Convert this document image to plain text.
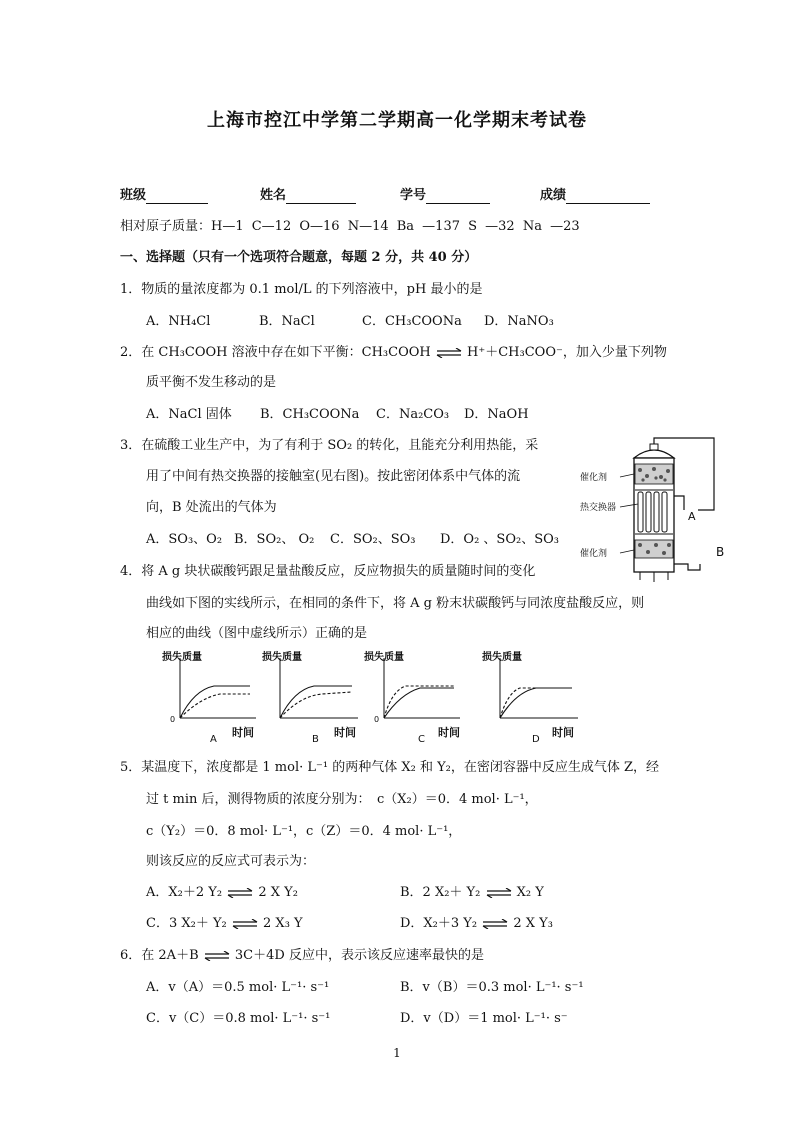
上海市控江中学第二学期高一化学期末考试卷
班级	姓名	学号	成绩
相对原子质量：H—1 C—12 O—16 N—14 Ba —137 S —32 Na —23
一、选择题（只有一个选项符合题意，每题 2 分，共 40 分）
1．物质的量浓度都为 0.1 mol/L 的下列溶液中，pH 最小的是
A．NH₄Cl	B．NaCl	C．CH₃COONa D．NaNO₃
2．在 CH₃COOH 溶液中存在如下平衡：CH₃COOH ⇌ H⁺＋CH₃COO⁻，加入少量下列物
质平衡不发生移动的是
A．NaCl 固体 B．CH₃COONa C．Na₂CO₃ D．NaOH
3．在硫酸工业生产中，为了有利于 SO₂ 的转化，且能充分利用热能，采
用了中间有热交换器的接触室(见右图)。按此密闭体系中气体的流
向，B 处流出的气体为
A．SO₃、O₂ B．SO₂、 O₂ C．SO₂、SO₃ D．O₂ 、SO₂、SO₃
催化剂
热交换器
催化剂
A
B
4．将 A g 块状碳酸钙跟足量盐酸反应，反应物损失的质量随时间的变化
曲线如下图的实线所示，在相同的条件下，将 A g 粉末状碳酸钙与同浓度盐酸反应，则
相应的曲线（图中虚线所示）正确的是
损失质量
0
A
时间
损失质量
B
时间
损失质量
0
C
时间
损失质量
D
时间
5．某温度下，浓度都是 1 mol· L⁻¹ 的两种气体 X₂ 和 Y₂，在密闭容器中反应生成气体 Z，经
过 t min 后，测得物质的浓度分别为：　c（X₂）＝0．4 mol· L⁻¹，
c（Y₂）＝0．8 mol· L⁻¹，c（Z）＝0．4 mol· L⁻¹，
则该反应的反应式可表示为：
A．X₂＋2 Y₂ ⇌ 2 X Y₂	B．2 X₂＋ Y₂ ⇌ X₂ Y
C．3 X₂＋ Y₂ ⇌ 2 X₃ Y	D．X₂＋3 Y₂ ⇌ 2 X Y₃
6．在 2A＋B ⇌ 3C＋4D 反应中，表示该反应速率最快的是
A．v（A）＝0.5 mol· L⁻¹· s⁻¹	B．v（B）＝0.3 mol· L⁻¹· s⁻¹
C．v（C）＝0.8 mol· L⁻¹· s⁻¹	D．v（D）＝1 mol· L⁻¹· s⁻
1
